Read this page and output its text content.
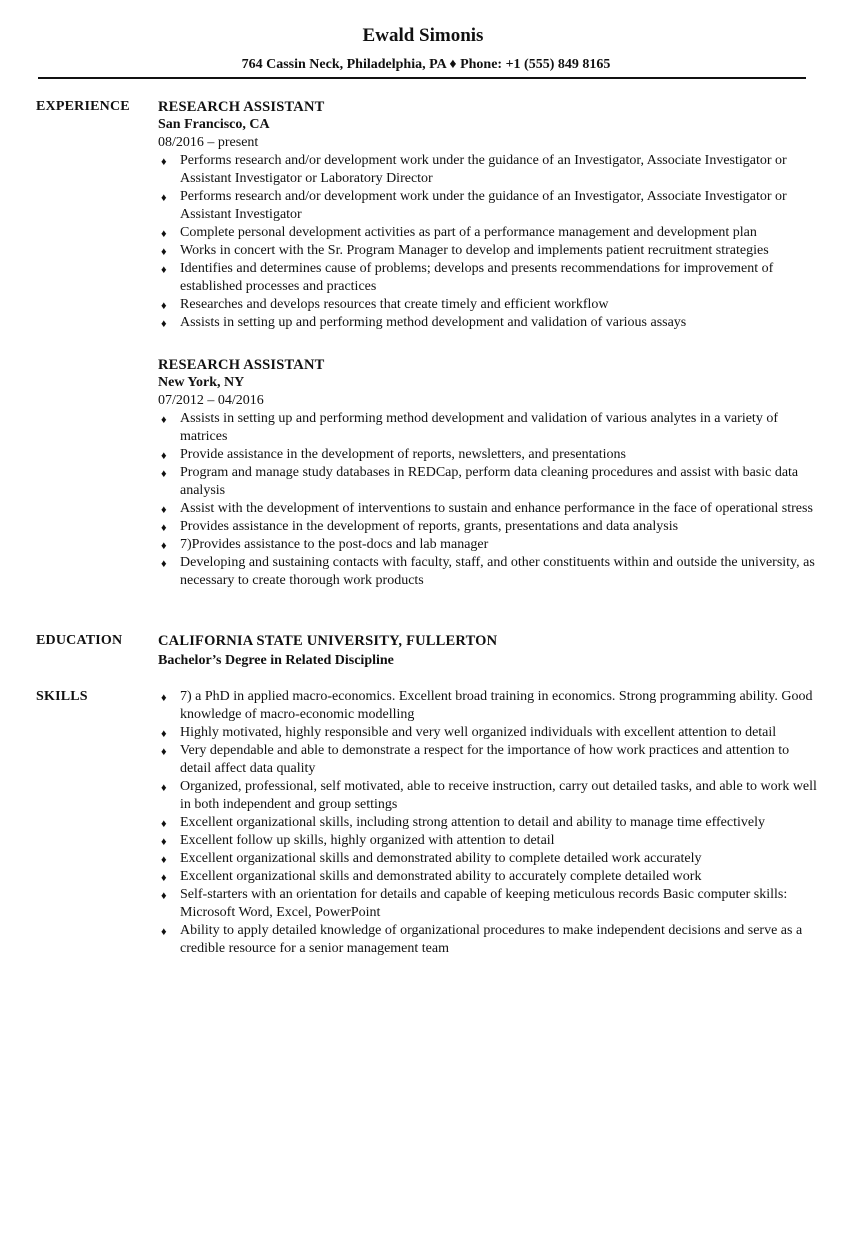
Ewald Simonis
764 Cassin Neck, Philadelphia, PA ♦ Phone: +1 (555) 849 8165
EXPERIENCE RESEARCH ASSISTANT
San Francisco, CA
08/2016 – present
♦ Performs research and/or development work under the guidance of an Investigator, Associate Investigator or Assistant Investigator or Laboratory Director
♦ Performs research and/or development work under the guidance of an Investigator, Associate Investigator or Assistant Investigator
♦ Complete personal development activities as part of a performance management and development plan
♦ Works in concert with the Sr. Program Manager to develop and implements patient recruitment strategies
♦ Identifies and determines cause of problems; develops and presents recommendations for improvement of established processes and practices
♦ Researches and develops resources that create timely and efficient workflow
♦ Assists in setting up and performing method development and validation of various assays
RESEARCH ASSISTANT
New York, NY
07/2012 – 04/2016
♦ Assists in setting up and performing method development and validation of various analytes in a variety of matrices
♦ Provide assistance in the development of reports, newsletters, and presentations
♦ Program and manage study databases in REDCap, perform data cleaning procedures and assist with basic data analysis
♦ Assist with the development of interventions to sustain and enhance performance in the face of operational stress
♦ Provides assistance in the development of reports, grants, presentations and data analysis
♦ 7)Provides assistance to the post-docs and lab manager
♦ Developing and sustaining contacts with faculty, staff, and other constituents within and outside the university, as necessary to create thorough work products
EDUCATION CALIFORNIA STATE UNIVERSITY, FULLERTON
Bachelor’s Degree in Related Discipline
SKILLS	♦ 7) a PhD in applied macro-economics. Excellent broad training in economics. Strong programming ability. Good knowledge of macro-economic modelling
♦ Highly motivated, highly responsible and very well organized individuals with excellent attention to detail
♦ Very dependable and able to demonstrate a respect for the importance of how work practices and attention to detail affect data quality
♦ Organized, professional, self motivated, able to receive instruction, carry out detailed tasks, and able to work well in both independent and group settings
♦ Excellent organizational skills, including strong attention to detail and ability to manage time effectively
♦ Excellent follow up skills, highly organized with attention to detail
♦ Excellent organizational skills and demonstrated ability to complete detailed work accurately
♦ Excellent organizational skills and demonstrated ability to accurately complete detailed work
♦ Self-starters with an orientation for details and capable of keeping meticulous records Basic computer skills: Microsoft Word, Excel, PowerPoint
♦ Ability to apply detailed knowledge of organizational procedures to make independent decisions and serve as a credible resource for a senior management team
